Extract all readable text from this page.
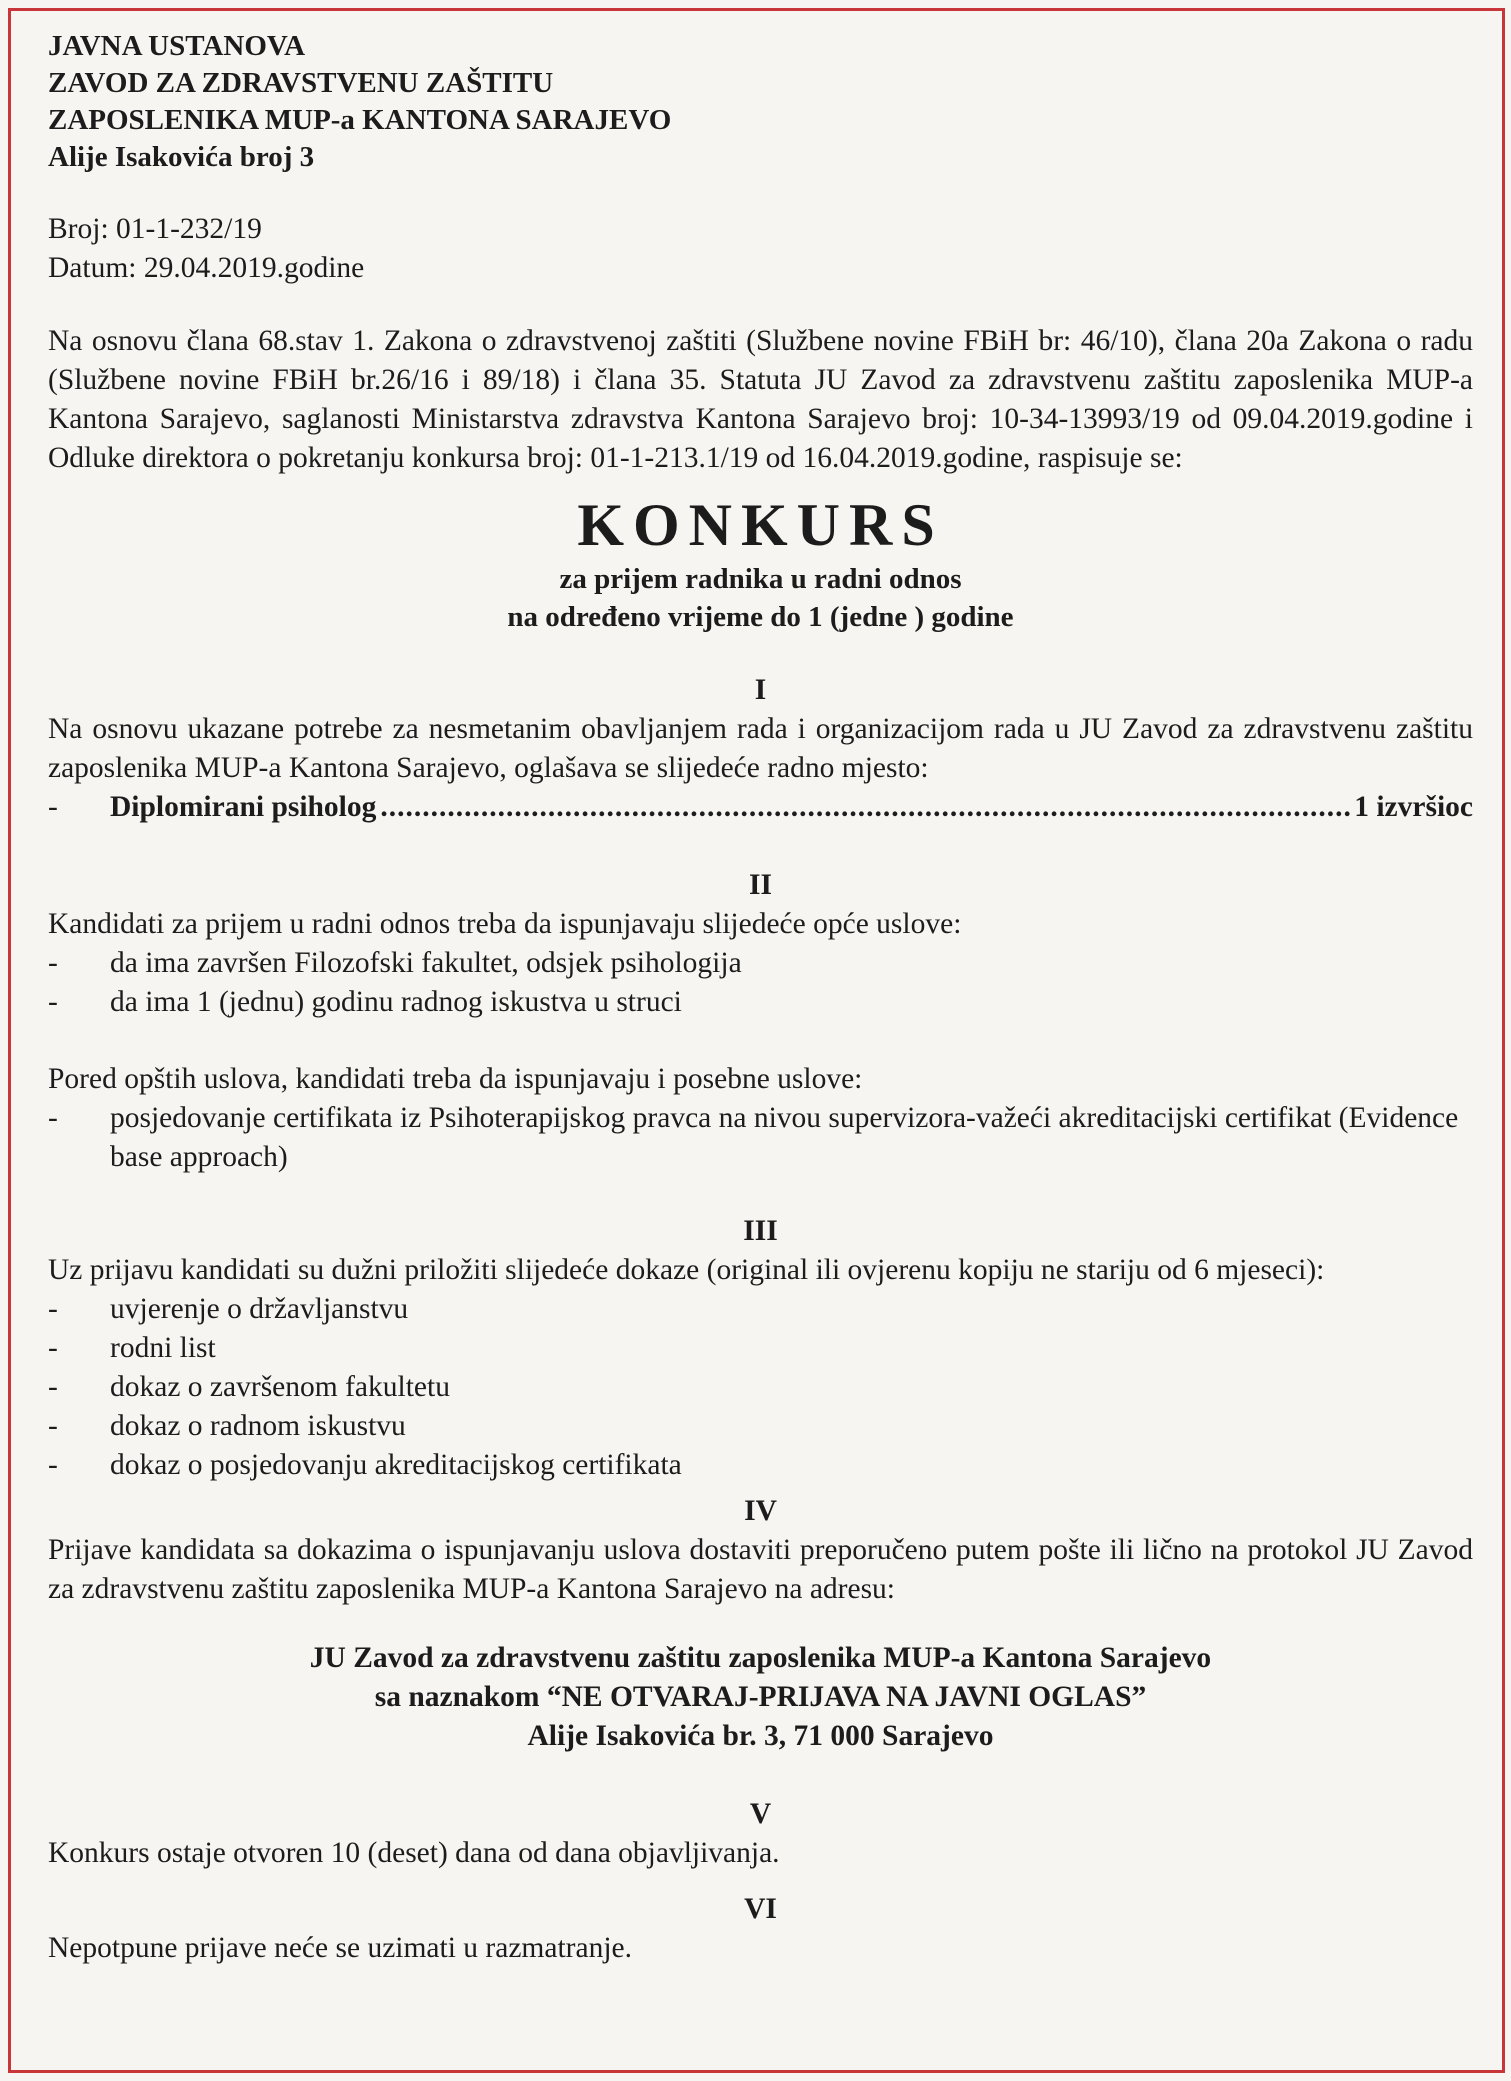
JAVNA USTANOVA
ZAVOD ZA ZDRAVSTVENU ZAŠTITU
ZAPOSLENIKA MUP-a KANTONA SARAJEVO
Alije Isakovića broj 3
Broj: 01-1-232/19
Datum: 29.04.2019.godine
Na osnovu člana 68.stav 1. Zakona o zdravstvenoj zaštiti (Službene novine FBiH br: 46/10), člana 20a Zakona o radu (Službene novine FBiH br.26/16 i 89/18) i člana 35. Statuta JU Zavod za zdravstvenu zaštitu zaposlenika MUP-a Kantona Sarajevo, saglanosti Ministarstva zdravstva Kantona Sarajevo broj: 10-34-13993/19 od 09.04.2019.godine i Odluke direktora o pokretanju konkursa broj: 01-1-213.1/19 od 16.04.2019.godine, raspisuje se:
KONKURS
za prijem radnika u radni odnos
na određeno vrijeme do 1 (jedne ) godine
I
Na osnovu ukazane potrebe za nesmetanim obavljanjem rada i organizacijom rada u JU Zavod za zdravstvenu zaštitu zaposlenika MUP-a Kantona Sarajevo, oglašava se slijedeće radno mjesto:
-	Diplomirani psiholog
.....	1 izvršioc
II
Kandidati za prijem u radni odnos treba da ispunjavaju slijedeće opće uslove:
- da ima završen Filozofski fakultet, odsjek psihologija
- da ima 1 (jednu) godinu radnog iskustva u struci
Pored opštih uslova, kandidati treba da ispunjavaju i posebne uslove:
- posjedovanje certifikata iz Psihoterapijskog pravca na nivou supervizora-važeći akreditacijski certifikat (Evidence base approach)
III
Uz prijavu kandidati su dužni priložiti slijedeće dokaze (original ili ovjerenu kopiju ne stariju od 6 mjeseci):
- uvjerenje o državljanstvu
- rodni list
- dokaz o završenom fakultetu
- dokaz o radnom iskustvu
- dokaz o posjedovanju akreditacijskog certifikata
IV
Prijave kandidata sa dokazima o ispunjavanju uslova dostaviti preporučeno putem pošte ili lično na protokol JU Zavod za zdravstvenu zaštitu zaposlenika MUP-a Kantona Sarajevo na adresu:
JU Zavod za zdravstvenu zaštitu zaposlenika MUP-a Kantona Sarajevo
sa naznakom “NE OTVARAJ-PRIJAVA NA JAVNI OGLAS”
Alije Isakovića br. 3, 71 000 Sarajevo
V
Konkurs ostaje otvoren 10 (deset) dana od dana objavljivanja.
VI
Nepotpune prijave neće se uzimati u razmatranje.
